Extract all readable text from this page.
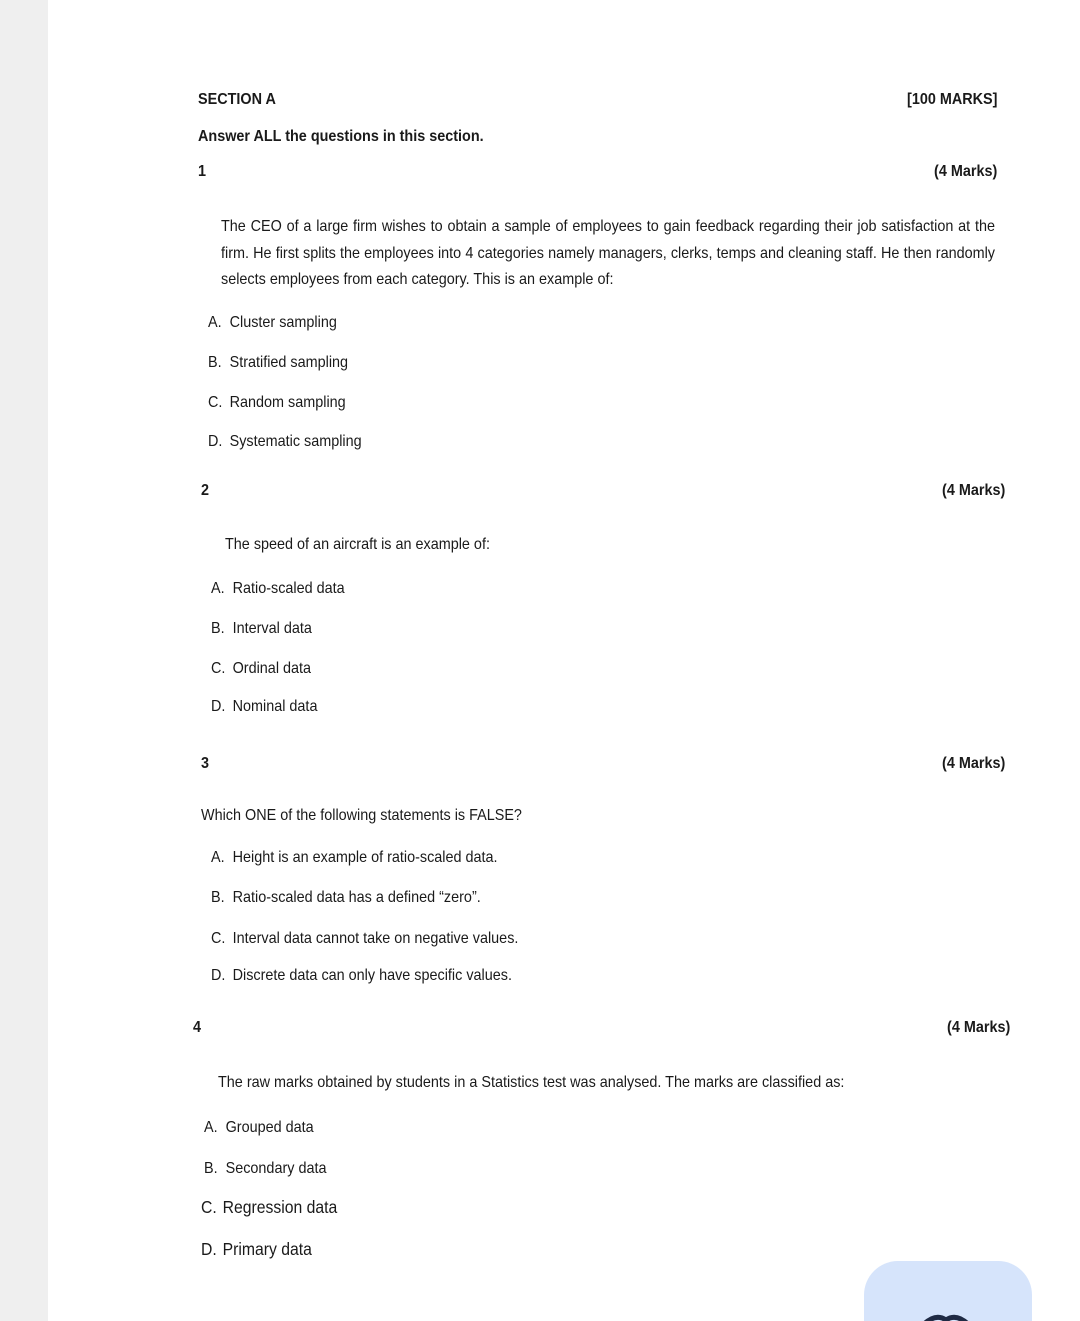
SECTION A	[100 MARKS]
Answer ALL the questions in this section.
1	(4 Marks)
The CEO of a large firm wishes to obtain a sample of employees to gain feedback regarding their job satisfaction at the firm. He first splits the employees into 4 categories namely managers, clerks, temps and cleaning staff. He then randomly selects employees from each category. This is an example of:
A. Cluster sampling
B. Stratified sampling
C. Random sampling
D. Systematic sampling
2	(4 Marks)
The speed of an aircraft is an example of:
A. Ratio-scaled data
B. Interval data
C. Ordinal data
D. Nominal data
3	(4 Marks)
Which ONE of the following statements is FALSE?
A. Height is an example of ratio-scaled data.
B. Ratio-scaled data has a defined “zero”.
C. Interval data cannot take on negative values.
D. Discrete data can only have specific values.
4	(4 Marks)
The raw marks obtained by students in a Statistics test was analysed. The marks are classified as:
A. Grouped data
B. Secondary data
C. Regression data
D. Primary data
